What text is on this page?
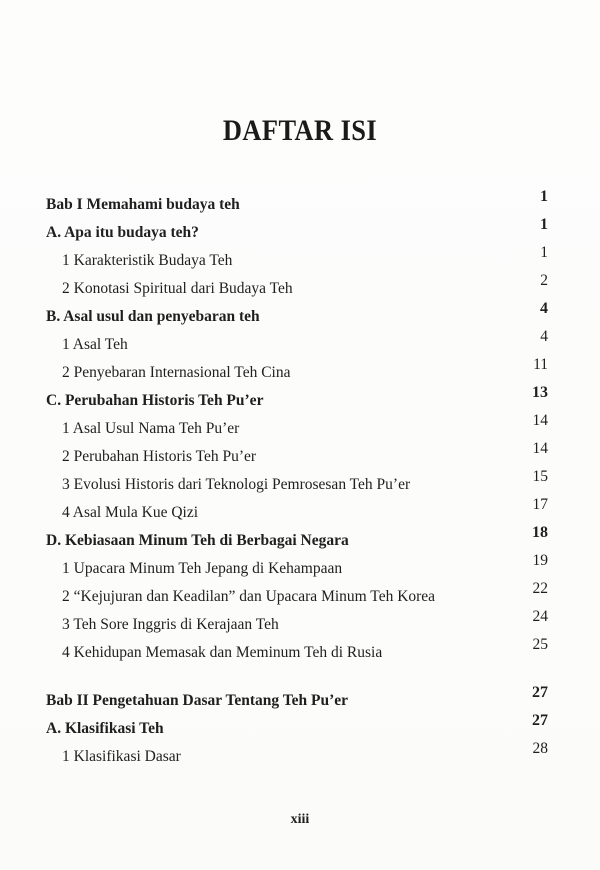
DAFTAR ISI
Bab I Memahami budaya teh	1
A. Apa itu budaya teh?	1
1 Karakteristik Budaya Teh	1
2 Konotasi Spiritual dari Budaya Teh	2
B. Asal usul dan penyebaran teh	4
1 Asal Teh	4
2 Penyebaran Internasional Teh Cina	11
C. Perubahan Historis Teh Pu’er	13
1 Asal Usul Nama Teh Pu’er	14
2 Perubahan Historis Teh Pu’er	14
3 Evolusi Historis dari Teknologi Pemrosesan Teh Pu’er	15
4 Asal Mula Kue Qizi	17
D. Kebiasaan Minum Teh di Berbagai Negara	18
1 Upacara Minum Teh Jepang di Kehampaan	19
2 “Kejujuran dan Keadilan” dan Upacara Minum Teh Korea	22
3 Teh Sore Inggris di Kerajaan Teh	24
4 Kehidupan Memasak dan Meminum Teh di Rusia	25
Bab II Pengetahuan Dasar Tentang Teh Pu’er	27
A. Klasifikasi Teh	27
1 Klasifikasi Dasar	28
xiii
